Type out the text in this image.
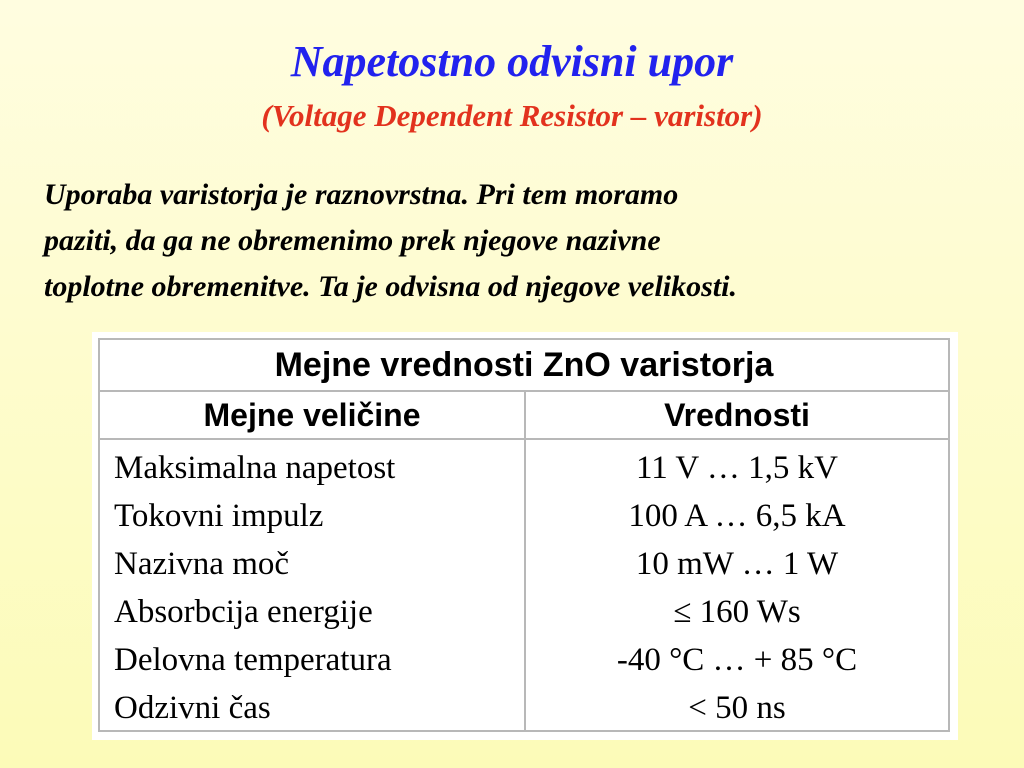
Napetostno odvisni upor
(Voltage Dependent Resistor – varistor)
Uporaba varistorja je raznovrstna. Pri tem moramo
paziti, da ga ne obremenimo prek njegove nazivne
toplotne obremenitve. Ta je odvisna od njegove velikosti.
Mejne vrednosti ZnO varistorja
Mejne veličine	Vrednosti
Maksimalna napetost	11 V … 1,5 kV
Tokovni impulz	100 A … 6,5 kA
Nazivna moč	10 mW … 1 W
Absorbcija energije	≤ 160 Ws
Delovna temperatura	-40 °C … + 85 °C
Odzivni čas	< 50 ns
